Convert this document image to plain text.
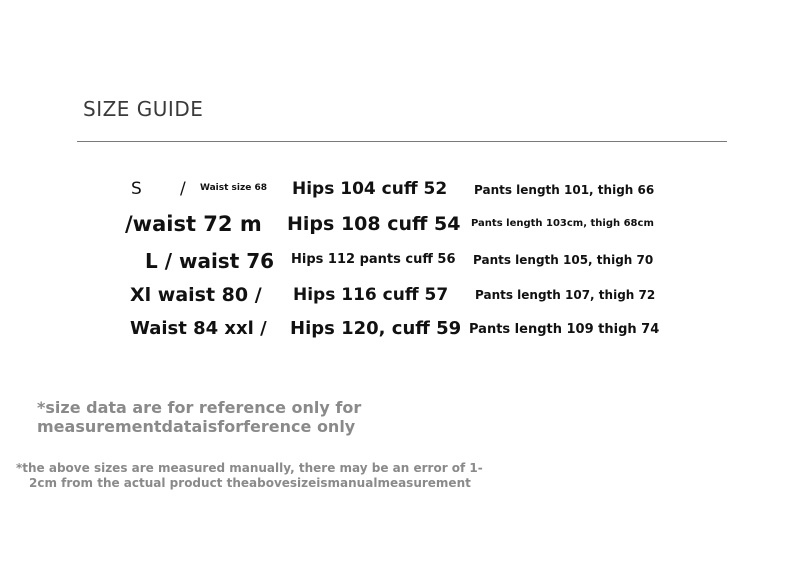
SIZE GUIDE
S / Waist size 68 Hips 104 cuff 52 Pants length 101, thigh 66
/waist 72 m Hips 108 cuff 54 Pants length 103cm, thigh 68cm
L / waist 76 Hips 112 pants cuff 56 Pants length 105, thigh 70
Xl waist 80 / Hips 116 cuff 57 Pants length 107, thigh 72
Waist 84 xxl / Hips 120, cuff 59 Pants length 109 thigh 74
*size data are for reference only for
measurementdataisforference only
*the above sizes are measured manually, there may be an error of 1-
2cm from the actual product theabovesizeismanualmeasurement
